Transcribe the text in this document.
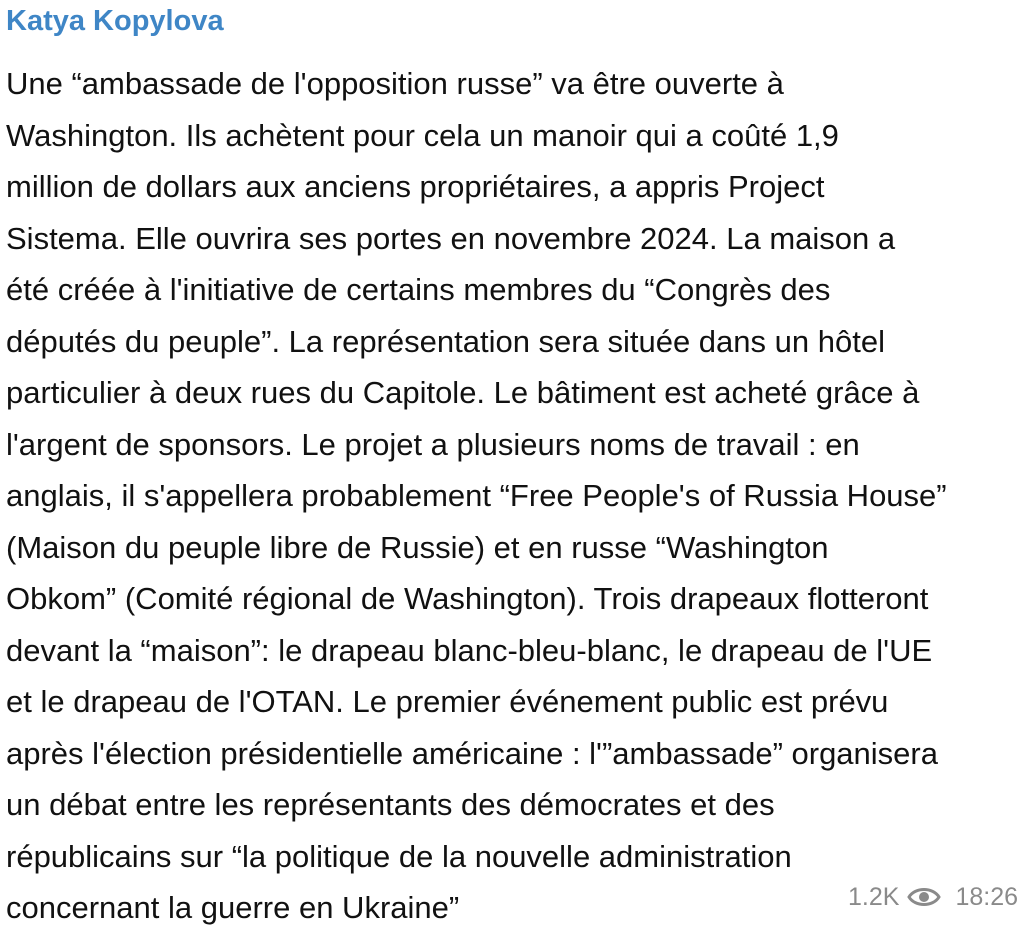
Katya Kopylova
Une “ambassade de l'opposition russe” va être ouverte à
Washington. Ils achètent pour cela un manoir qui a coûté 1,9
million de dollars aux anciens propriétaires, a appris Project
Sistema. Elle ouvrira ses portes en novembre 2024. La maison a
été créée à l'initiative de certains membres du “Congrès des
députés du peuple”. La représentation sera située dans un hôtel
particulier à deux rues du Capitole. Le bâtiment est acheté grâce à
l'argent de sponsors. Le projet a plusieurs noms de travail : en
anglais, il s'appellera probablement “Free People's of Russia House”
(Maison du peuple libre de Russie) et en russe “Washington
Obkom” (Comité régional de Washington). Trois drapeaux flotteront
devant la “maison”: le drapeau blanc-bleu-blanc, le drapeau de l'UE
et le drapeau de l'OTAN. Le premier événement public est prévu
après l'élection présidentielle américaine : l'”ambassade” organisera
un débat entre les représentants des démocrates et des
républicains sur “la politique de la nouvelle administration
concernant la guerre en Ukraine”	1.2K 18:26
